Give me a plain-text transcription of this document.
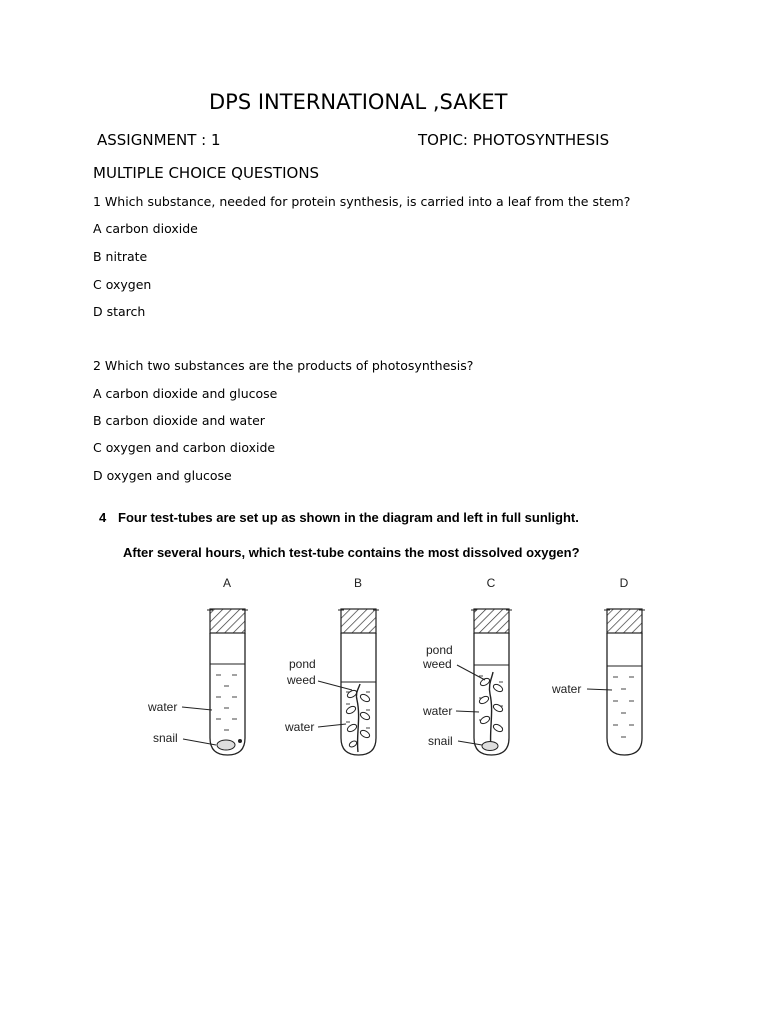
DPS INTERNATIONAL ,SAKET
ASSIGNMENT : 1	TOPIC: PHOTOSYNTHESIS
MULTIPLE CHOICE QUESTIONS
1 Which substance, needed for protein synthesis, is carried into a leaf from the stem?
A carbon dioxide
B nitrate
C oxygen
D starch
2 Which two substances are the products of photosynthesis?
A carbon dioxide and glucose
B carbon dioxide and water
C oxygen and carbon dioxide
D oxygen and glucose
4 Four test-tubes are set up as shown in the diagram and left in full sunlight.
After several hours, which test-tube contains the most dissolved oxygen?
A	B	C	D
water
snail
pond
weed
water
pond
weed
water
snail
water
